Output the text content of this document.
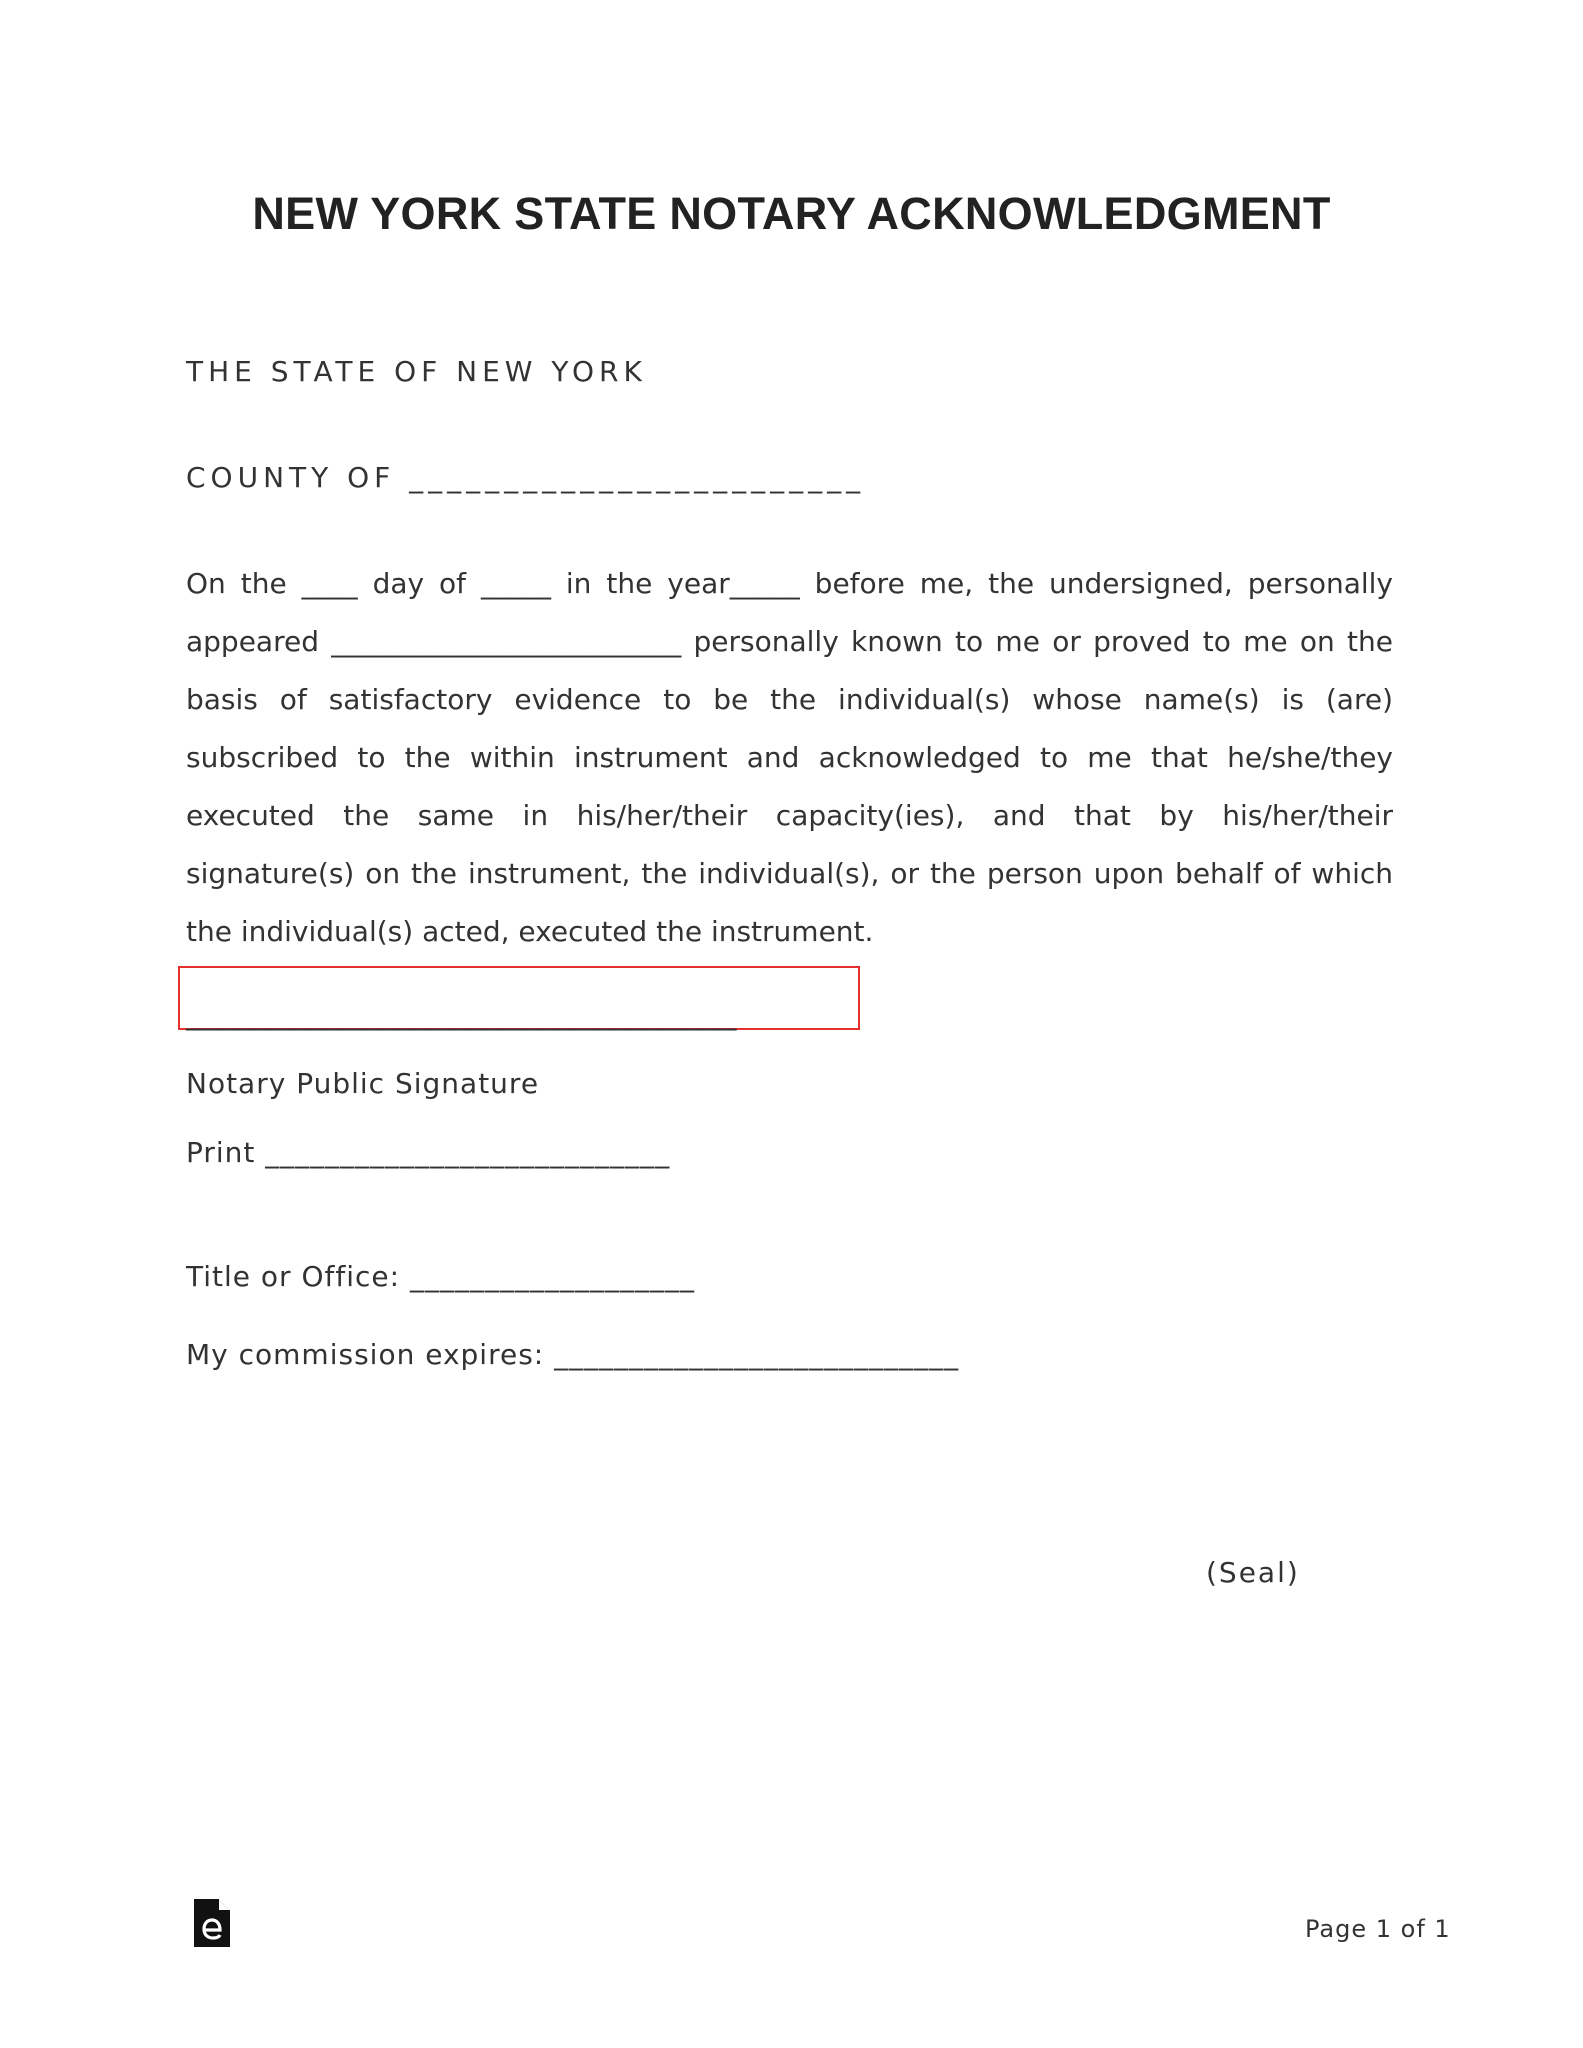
NEW YORK STATE NOTARY ACKNOWLEDGMENT
THE STATE OF NEW YORK
COUNTY OF ________________________
On the ____ day of _____ in the year_____ before me, the undersigned, personally appeared _________________________ personally known to me or proved to me on the basis of satisfactory evidence to be the individual(s) whose name(s) is (are) subscribed to the within instrument and acknowledged to me that he/she/they executed the same in his/her/their capacity(ies), and that by his/her/their signature(s) on the instrument, the individual(s), or the person upon behalf of which the individual(s) acted, executed the instrument.
______________________________________
Notary Public Signature
Print ___________________________
Title or Office: ___________________
My commission expires: ___________________________
(Seal)
Page 1 of 1
